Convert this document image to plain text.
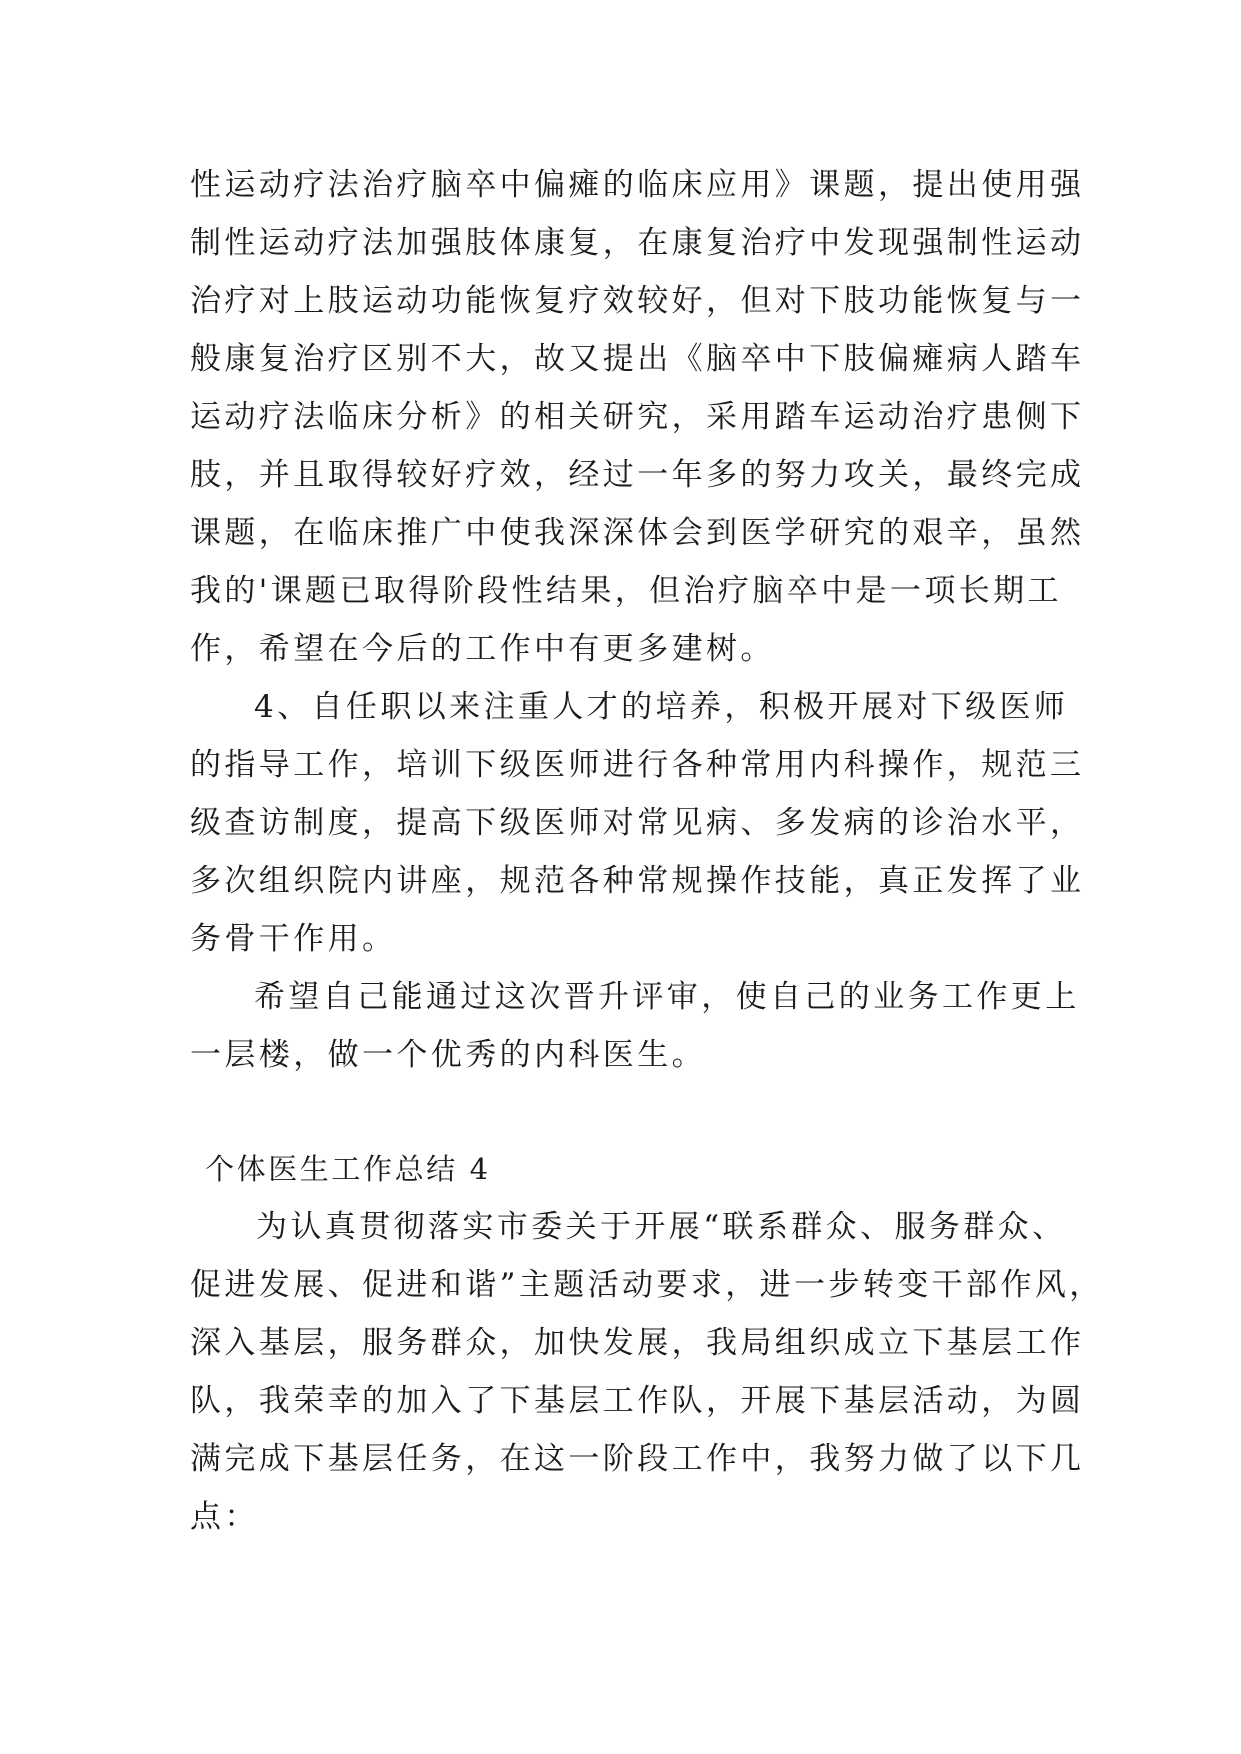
性运动疗法治疗脑卒中偏瘫的临床应用》课题，提出使用强
制性运动疗法加强肢体康复，在康复治疗中发现强制性运动
治疗对上肢运动功能恢复疗效较好，但对下肢功能恢复与一
般康复治疗区别不大，故又提出《脑卒中下肢偏瘫病人踏车
运动疗法临床分析》的相关研究，采用踏车运动治疗患侧下
肢，并且取得较好疗效，经过一年多的努力攻关，最终完成
课题，在临床推广中使我深深体会到医学研究的艰辛，虽然
我的'课题已取得阶段性结果，但治疗脑卒中是一项长期工
作，希望在今后的工作中有更多建树。
4、自任职以来注重人才的培养，积极开展对下级医师
的指导工作，培训下级医师进行各种常用内科操作，规范三
级查访制度，提高下级医师对常见病、多发病的诊治水平，
多次组织院内讲座，规范各种常规操作技能，真正发挥了业
务骨干作用。
希望自己能通过这次晋升评审，使自己的业务工作更上
一层楼，做一个优秀的内科医生。
个体医生工作总结 4
为认真贯彻落实市委关于开展“联系群众、服务群众、
促进发展、促进和谐”主题活动要求，进一步转变干部作风，
深入基层，服务群众，加快发展，我局组织成立下基层工作
队，我荣幸的加入了下基层工作队，开展下基层活动，为圆
满完成下基层任务，在这一阶段工作中，我努力做了以下几
点：
